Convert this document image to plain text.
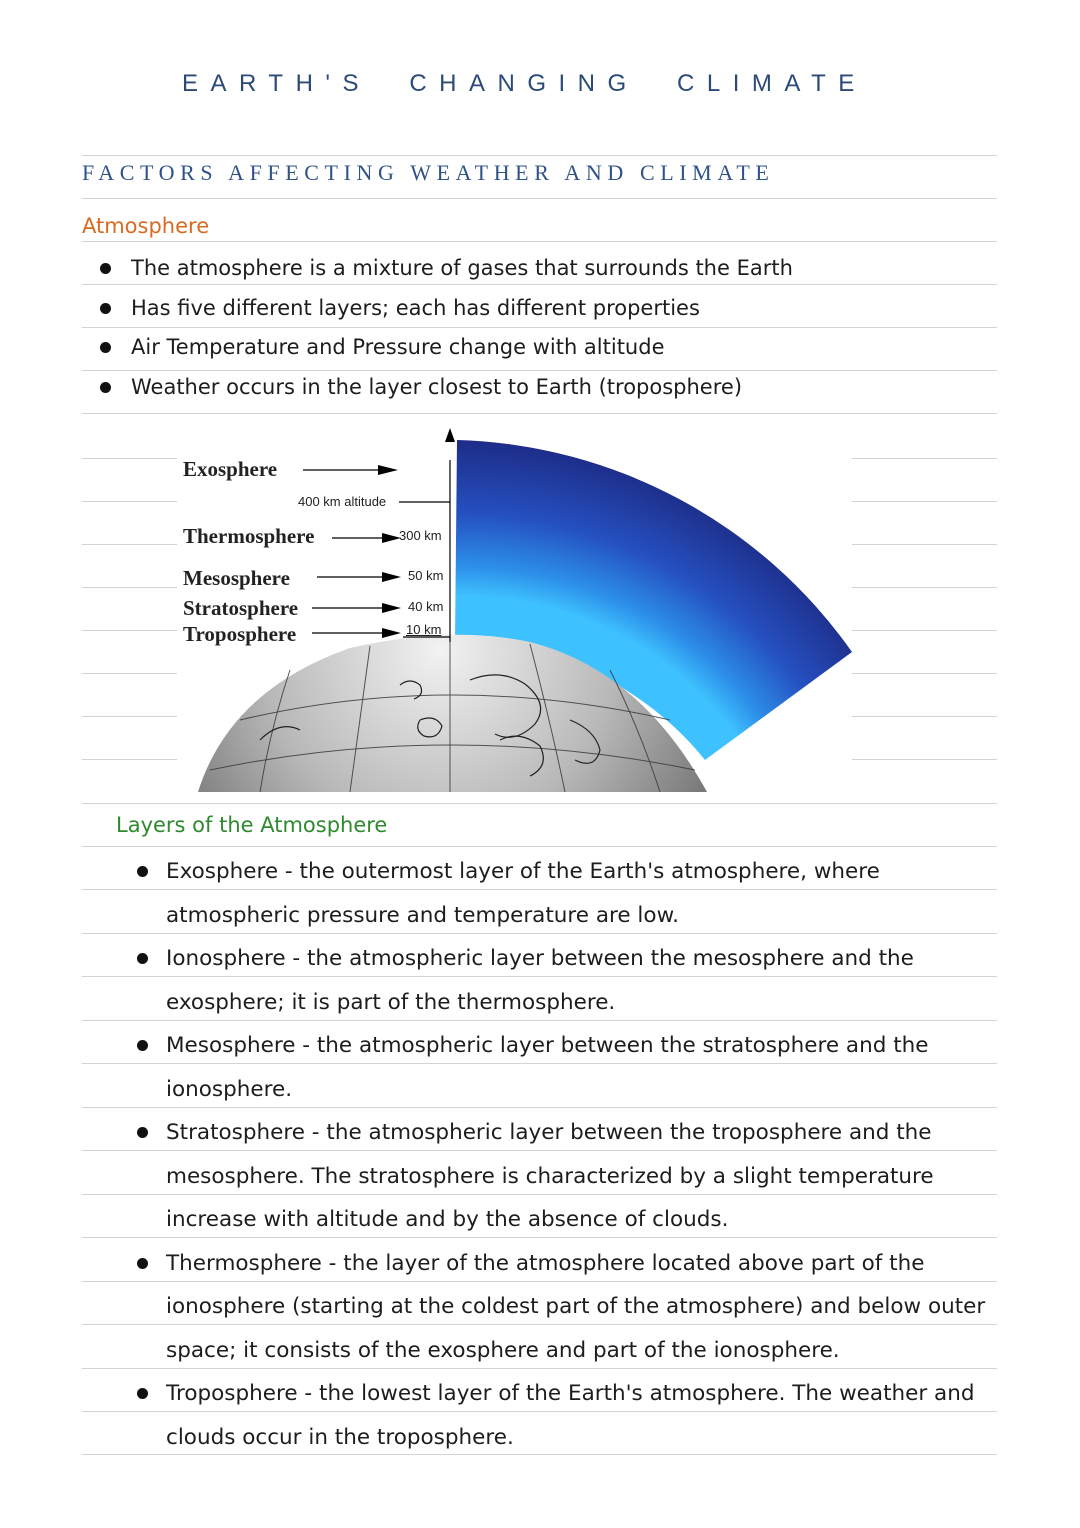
EARTH'S  CHANGING  CLIMATE
FACTORS AFFECTING WEATHER AND CLIMATE
Atmosphere
The atmosphere is a mixture of gases that surrounds the Earth
Has five different layers; each has different properties
Air Temperature and Pressure change with altitude
Weather occurs in the layer closest to Earth (troposphere)
Exosphere
400 km altitude
Thermosphere	300 km
Mesosphere	50 km
Stratosphere	40 km
Troposphere	10 km
Layers of the Atmosphere
Exosphere - the outermost layer of the Earth's atmosphere, where atmospheric pressure and temperature are low.
Ionosphere - the atmospheric layer between the mesosphere and the exosphere; it is part of the thermosphere.
Mesosphere - the atmospheric layer between the stratosphere and the ionosphere.
Stratosphere - the atmospheric layer between the troposphere and the mesosphere. The stratosphere is characterized by a slight temperature increase with altitude and by the absence of clouds.
Thermosphere - the layer of the atmosphere located above part of the ionosphere (starting at the coldest part of the atmosphere) and below outer space; it consists of the exosphere and part of the ionosphere.
Troposphere - the lowest layer of the Earth's atmosphere. The weather and clouds occur in the troposphere.
